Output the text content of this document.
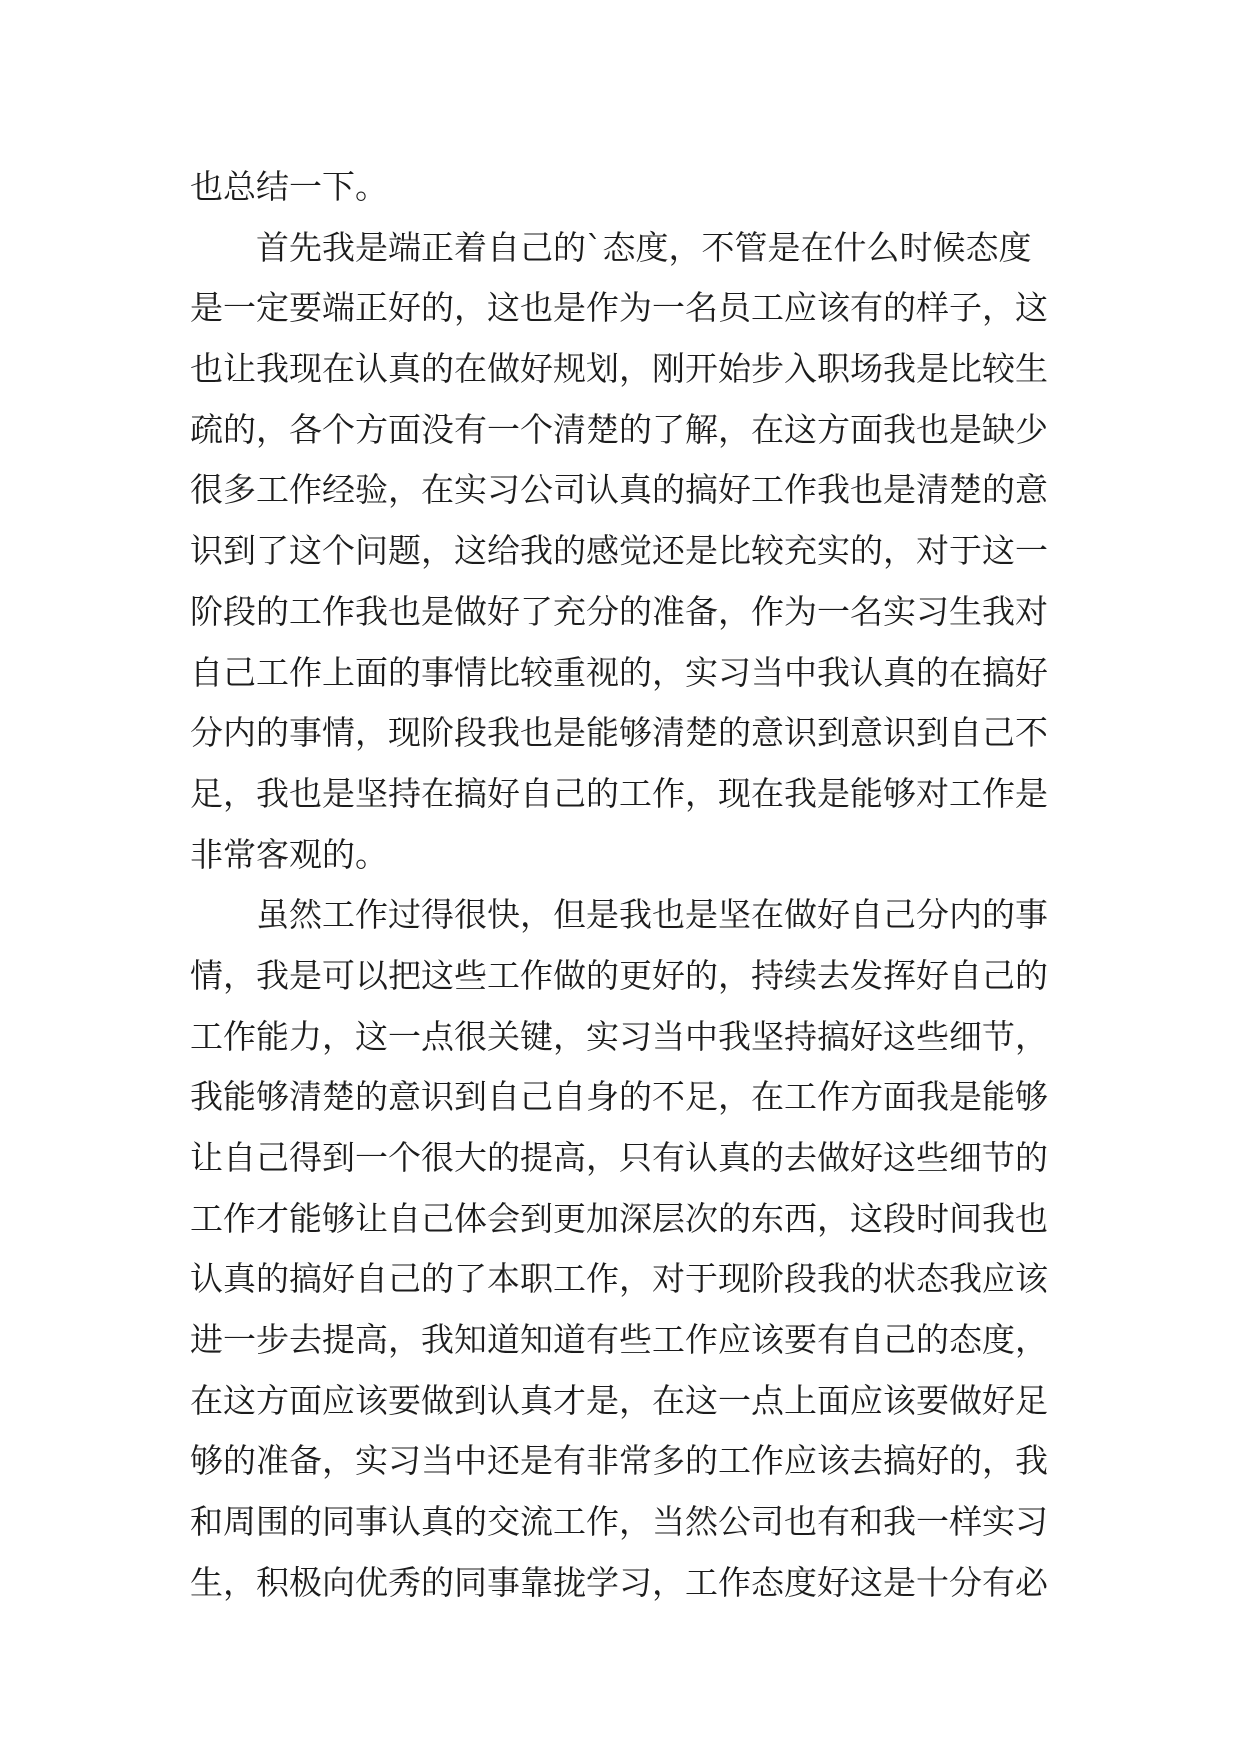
也总结一下。
　　首先我是端正着自己的`态度，不管是在什么时候态度
是一定要端正好的，这也是作为一名员工应该有的样子，这
也让我现在认真的在做好规划，刚开始步入职场我是比较生
疏的，各个方面没有一个清楚的了解，在这方面我也是缺少
很多工作经验，在实习公司认真的搞好工作我也是清楚的意
识到了这个问题，这给我的感觉还是比较充实的，对于这一
阶段的工作我也是做好了充分的准备，作为一名实习生我对
自己工作上面的事情比较重视的，实习当中我认真的在搞好
分内的事情，现阶段我也是能够清楚的意识到意识到自己不
足，我也是坚持在搞好自己的工作，现在我是能够对工作是
非常客观的。
　　虽然工作过得很快，但是我也是坚在做好自己分内的事
情，我是可以把这些工作做的更好的，持续去发挥好自己的
工作能力，这一点很关键，实习当中我坚持搞好这些细节，
我能够清楚的意识到自己自身的不足，在工作方面我是能够
让自己得到一个很大的提高，只有认真的去做好这些细节的
工作才能够让自己体会到更加深层次的东西，这段时间我也
认真的搞好自己的了本职工作，对于现阶段我的状态我应该
进一步去提高，我知道知道有些工作应该要有自己的态度，
在这方面应该要做到认真才是，在这一点上面应该要做好足
够的准备，实习当中还是有非常多的工作应该去搞好的，我
和周围的同事认真的交流工作，当然公司也有和我一样实习
生，积极向优秀的同事靠拢学习，工作态度好这是十分有必
